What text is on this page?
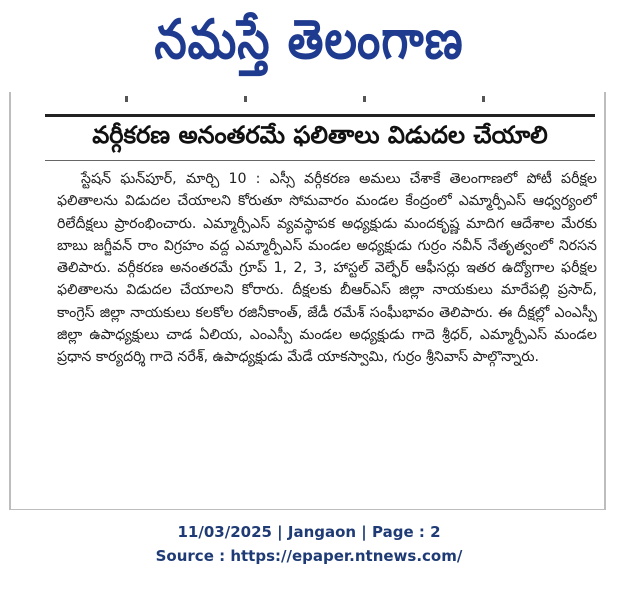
నమస్తే తెలంగాణ
వర్గీకరణ అనంతరమే ఫలితాలు విడుదల చేయాలి

స్టేషన్ ఘన్‌పూర్, మార్చి 10 : ఎస్సీ వర్గీకరణ అమలు చేశాకే తెలంగాణలో పోటీ పరీక్షల ఫలితాలను విడుదల చేయాలని కోరుతూ సోమవారం మండల కేంద్రంలో ఎమ్మార్పీఎస్ ఆధ్వర్యంలో రిలేదీక్షలు ప్రారంభించారు. ఎమ్మార్పీఎస్ వ్యవస్థాపక అధ్యక్షుడు మందకృష్ణ మాదిగ ఆదేశాల మేరకు బాబు జగ్జీవన్ రాం విగ్రహం వద్ద ఎమ్మార్పీఎస్ మండల అధ్యక్షుడు గుర్రం నవీన్ నేతృత్వంలో నిరసన తెలిపారు. వర్గీకరణ అనంతరమే గ్రూప్ 1, 2, 3, హాస్టల్ వెల్ఫేర్ ఆఫీసర్లు ఇతర ఉద్యోగాల ఫరీక్షల ఫలితాలను విడుదల చేయాలని కోరారు. దీక్షలకు బీఆర్ఎస్ జిల్లా నాయకులు మారేపల్లి ప్రసాద్, కాంగ్రెస్ జిల్లా నాయకులు కలకోల రజినీకాంత్, జేడీ రమేశ్ సంఘీభావం తెలిపారు. ఈ దీక్షల్లో ఎంఎస్పీ జిల్లా ఉపాధ్యక్షులు చాడ ఏలియ, ఎంఎస్పీ మండల అధ్యక్షుడు గాదె శ్రీధర్, ఎమ్మార్పీఎస్ మండల ప్రధాన కార్యదర్శి గాదె నరేశ్, ఉపాధ్యక్షుడు మేడే యాకస్వామి, గుర్రం శ్రీనివాస్ పాల్గొన్నారు.

11/03/2025 | Jangaon | Page : 2
Source : https://epaper.ntnews.com/
